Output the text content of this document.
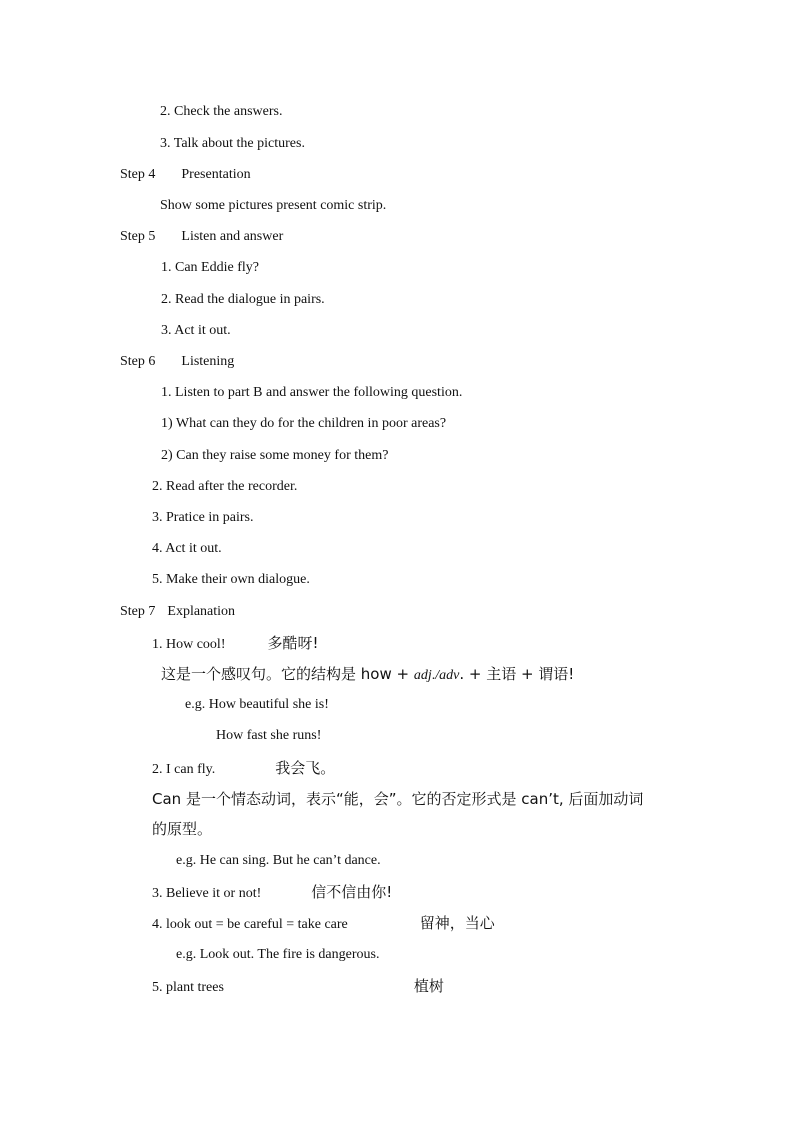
2. Check the answers.
3. Talk about the pictures.
Step 4 Presentation
Show some pictures present comic strip.
Step 5 Listen and answer
1. Can Eddie fly?
2. Read the dialogue in pairs.
3. Act it out.
Step 6 Listening
1. Listen to part B and answer the following question.
1) What can they do for the children in poor areas?
2) Can they raise some money for them?
2. Read after the recorder.
3. Pratice in pairs.
4. Act it out.
5. Make their own dialogue.
Step 7 Explanation
1. How cool!	多酷呀!
这是一个感叹句。它的结构是 how + adj./adv. + 主语 + 谓语!
e.g. How beautiful she is!
How fast she runs!
2. I can fly.	我会飞。
Can 是一个情态动词，表示“能，会”。它的否定形式是 can’t, 后面加动词
的原型。
e.g. He can sing. But he can’t dance.
3. Believe it or not!	信不信由你!
4. look out = be careful = take care	留神，当心
e.g. Look out. The fire is dangerous.
5. plant trees	植树
